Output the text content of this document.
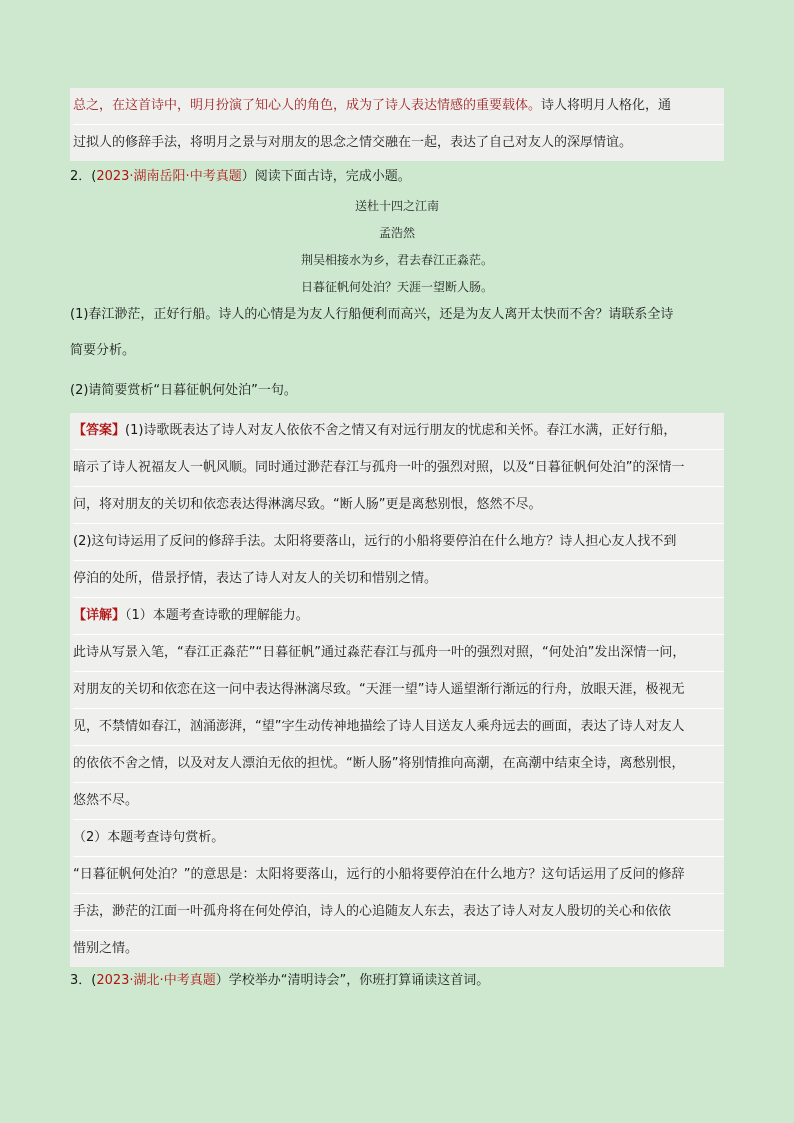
总之，在这首诗中，明月扮演了知心人的角色，成为了诗人表达情感的重要载体。诗人将明月人格化，通
过拟人的修辞手法，将明月之景与对朋友的思念之情交融在一起，表达了自己对友人的深厚情谊。
2．(2023·湖南岳阳·中考真题）阅读下面古诗，完成小题。
送杜十四之江南
孟浩然
荆吴相接水为乡，君去春江正淼茫。
日暮征帆何处泊？天涯一望断人肠。
(1)春江渺茫，正好行船。诗人的心情是为友人行船便利而高兴，还是为友人离开太快而不舍？请联系全诗
简要分析。
(2)请简要赏析“日暮征帆何处泊”一句。
【答案】(1)诗歌既表达了诗人对友人依依不舍之情又有对远行朋友的忧虑和关怀。春江水满，正好行船，
暗示了诗人祝福友人一帆风顺。同时通过渺茫春江与孤舟一叶的强烈对照，以及“日暮征帆何处泊”的深情一
问，将对朋友的关切和依恋表达得淋漓尽致。“断人肠”更是离愁别恨，悠然不尽。
(2)这句诗运用了反问的修辞手法。太阳将要落山，远行的小船将要停泊在什么地方？诗人担心友人找不到
停泊的处所，借景抒情，表达了诗人对友人的关切和惜别之情。
【详解】（1）本题考查诗歌的理解能力。
此诗从写景入笔，“春江正淼茫”“日暮征帆”通过淼茫春江与孤舟一叶的强烈对照，“何处泊”发出深情一问，
对朋友的关切和依恋在这一问中表达得淋漓尽致。“天涯一望”诗人遥望渐行渐远的行舟，放眼天涯，极视无
见，不禁情如春江，汹涌澎湃，“望”字生动传神地描绘了诗人目送友人乘舟远去的画面，表达了诗人对友人
的依依不舍之情，以及对友人漂泊无依的担忧。“断人肠”将别情推向高潮，在高潮中结束全诗，离愁别恨，
悠然不尽。
（2）本题考查诗句赏析。
“日暮征帆何处泊？”的意思是：太阳将要落山，远行的小船将要停泊在什么地方？这句话运用了反问的修辞
手法，渺茫的江面一叶孤舟将在何处停泊，诗人的心追随友人东去，表达了诗人对友人殷切的关心和依依
惜别之情。
3．(2023·湖北·中考真题）学校举办“清明诗会”，你班打算诵读这首词。
